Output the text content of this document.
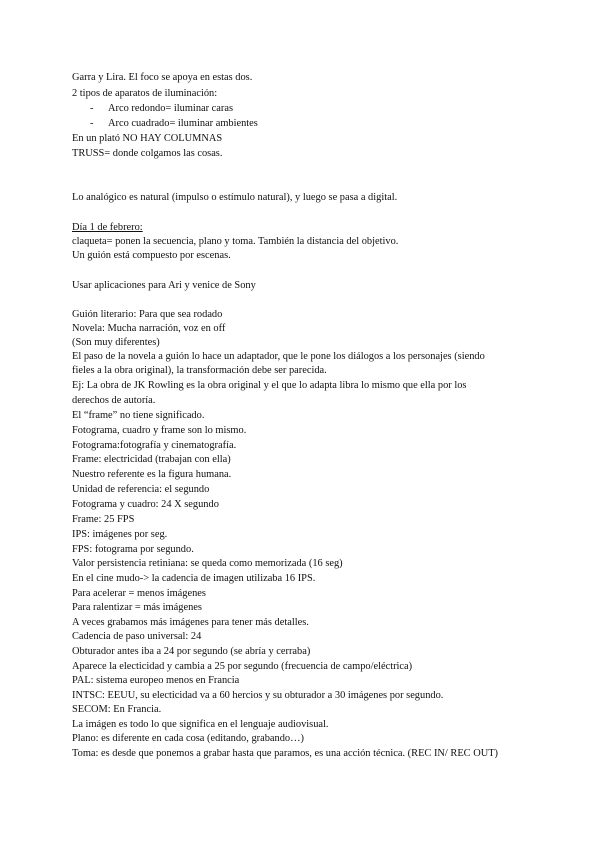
Garra y Lira. El foco se apoya en estas dos.
2 tipos de aparatos de iluminación:
- Arco redondo= iluminar caras
- Arco cuadrado= iluminar ambientes
En un plató NO HAY COLUMNAS
TRUSS= donde colgamos las cosas.
Lo analógico es natural (impulso o estímulo natural), y luego se pasa a digital.
Día 1 de febrero:
claqueta= ponen la secuencia, plano y toma. También la distancia del objetivo.
Un guión está compuesto por escenas.
Usar aplicaciones para Ari y venice de Sony
Guión literario: Para que sea rodado
Novela: Mucha narración, voz en off
(Son muy diferentes)
El paso de la novela a guión lo hace un adaptador, que le pone los diálogos a los personajes (siendo
fieles a la obra original), la transformación debe ser parecida.
Ej: La obra de JK Rowling es la obra original y el que lo adapta libra lo mismo que ella por los
derechos de autoría.
El “frame” no tiene significado.
Fotograma, cuadro y frame son lo mismo.
Fotograma:fotografía y cinematografía.
Frame: electricidad (trabajan con ella)
Nuestro referente es la figura humana.
Unidad de referencia: el segundo
Fotograma y cuadro: 24 X segundo
Frame: 25 FPS
IPS: imágenes por seg.
FPS: fotograma por segundo.
Valor persistencia retiniana: se queda como memorizada (16 seg)
En el cine mudo-> la cadencia de imagen utilizaba 16 IPS.
Para acelerar = menos imágenes
Para ralentizar = más imágenes
A veces grabamos más imágenes para tener más detalles.
Cadencia de paso universal: 24
Obturador antes iba a 24 por segundo (se abría y cerraba)
Aparece la electicidad y cambia a 25 por segundo (frecuencia de campo/eléctrica)
PAL: sistema europeo menos en Francia
INTSC: EEUU, su electicidad va a 60 hercios y su obturador a 30 imágenes por segundo.
SECOM: En Francia.
La imágen es todo lo que significa en el lenguaje audiovisual.
Plano: es diferente en cada cosa (editando, grabando…)
Toma: es desde que ponemos a grabar hasta que paramos, es una acción técnica. (REC IN/ REC OUT)
